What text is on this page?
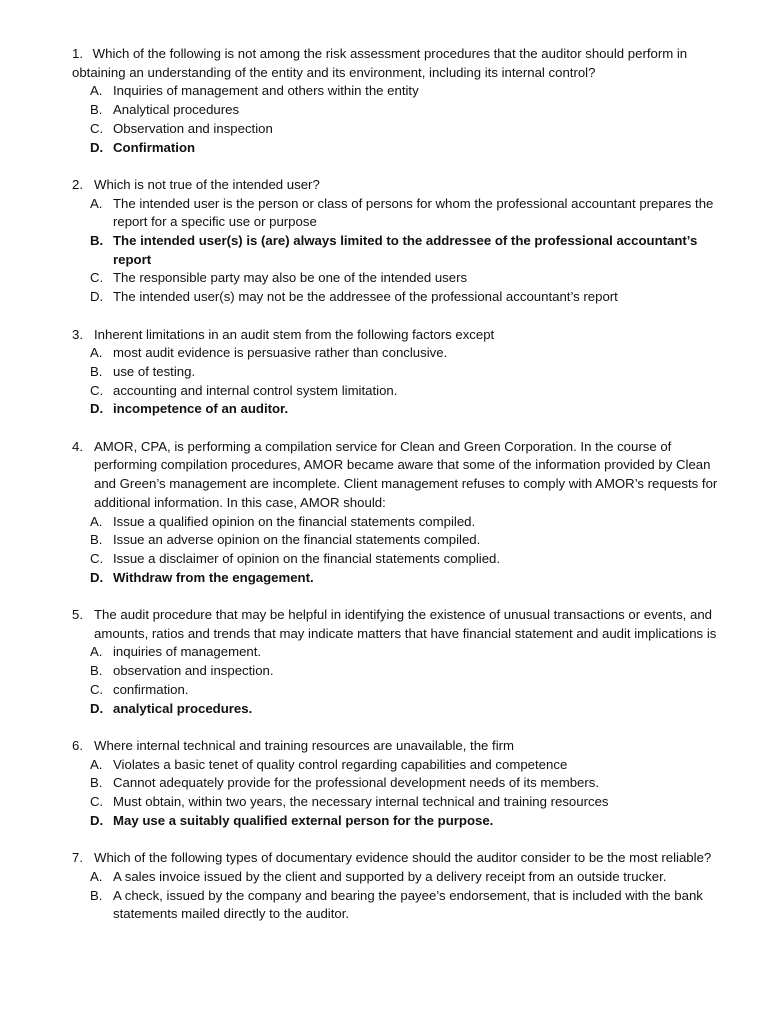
1. Which of the following is not among the risk assessment procedures that the auditor should perform in obtaining an understanding of the entity and its environment, including its internal control?
A. Inquiries of management and others within the entity
B. Analytical procedures
C. Observation and inspection
D. Confirmation
2. Which is not true of the intended user?
A. The intended user is the person or class of persons for whom the professional accountant prepares the report for a specific use or purpose
B. The intended user(s) is (are) always limited to the addressee of the professional accountant’s report
C. The responsible party may also be one of the intended users
D. The intended user(s) may not be the addressee of the professional accountant’s report
3. Inherent limitations in an audit stem from the following factors except
A. most audit evidence is persuasive rather than conclusive.
B. use of testing.
C. accounting and internal control system limitation.
D. incompetence of an auditor.
4. AMOR, CPA, is performing a compilation service for Clean and Green Corporation. In the course of performing compilation procedures, AMOR became aware that some of the information provided by Clean and Green’s management are incomplete. Client management refuses to comply with AMOR’s requests for additional information. In this case, AMOR should:
A. Issue a qualified opinion on the financial statements compiled.
B. Issue an adverse opinion on the financial statements compiled.
C. Issue a disclaimer of opinion on the financial statements complied.
D. Withdraw from the engagement.
5. The audit procedure that may be helpful in identifying the existence of unusual transactions or events, and amounts, ratios and trends that may indicate matters that have financial statement and audit implications is
A. inquiries of management.
B. observation and inspection.
C. confirmation.
D. analytical procedures.
6. Where internal technical and training resources are unavailable, the firm
A. Violates a basic tenet of quality control regarding capabilities and competence
B. Cannot adequately provide for the professional development needs of its members.
C. Must obtain, within two years, the necessary internal technical and training resources
D. May use a suitably qualified external person for the purpose.
7. Which of the following types of documentary evidence should the auditor consider to be the most reliable?
A. A sales invoice issued by the client and supported by a delivery receipt from an outside trucker.
B. A check, issued by the company and bearing the payee’s endorsement, that is included with the bank statements mailed directly to the auditor.
